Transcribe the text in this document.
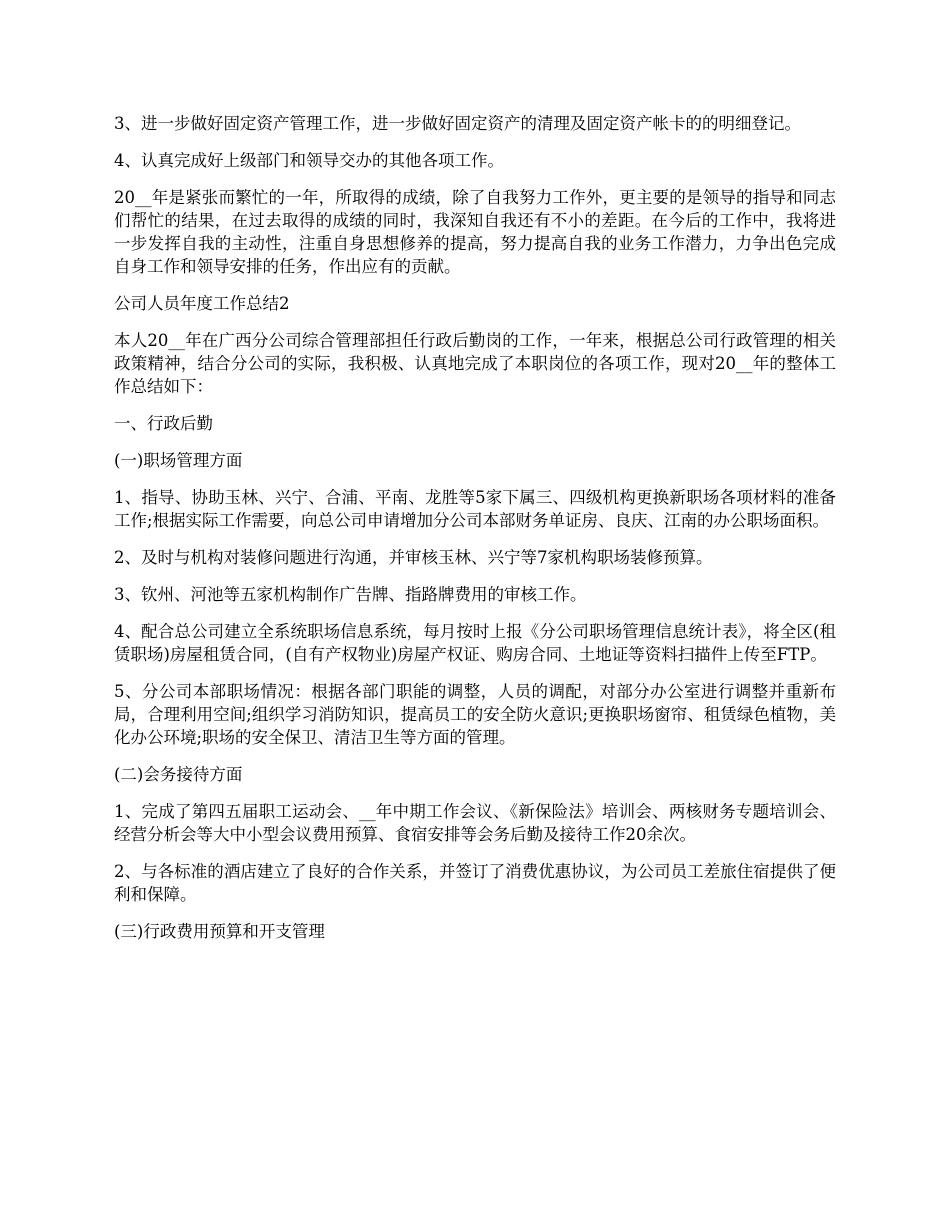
3、进一步做好固定资产管理工作，进一步做好固定资产的清理及固定资产帐卡的的明细登记。

4、认真完成好上级部门和领导交办的其他各项工作。

20__年是紧张而繁忙的一年，所取得的成绩，除了自我努力工作外，更主要的是领导的指导和同志们帮忙的结果，在过去取得的成绩的同时，我深知自我还有不小的差距。在今后的工作中，我将进一步发挥自我的主动性，注重自身思想修养的提高，努力提高自我的业务工作潜力，力争出色完成自身工作和领导安排的任务，作出应有的贡献。

公司人员年度工作总结2

本人20__年在广西分公司综合管理部担任行政后勤岗的工作，一年来，根据总公司行政管理的相关政策精神，结合分公司的实际，我积极、认真地完成了本职岗位的各项工作，现对20__年的整体工作总结如下：

一、行政后勤

(一)职场管理方面

1、指导、协助玉林、兴宁、合浦、平南、龙胜等5家下属三、四级机构更换新职场各项材料的准备工作;根据实际工作需要，向总公司申请增加分公司本部财务单证房、良庆、江南的办公职场面积。

2、及时与机构对装修问题进行沟通，并审核玉林、兴宁等7家机构职场装修预算。

3、钦州、河池等五家机构制作广告牌、指路牌费用的审核工作。

4、配合总公司建立全系统职场信息系统，每月按时上报《分公司职场管理信息统计表》，将全区(租赁职场)房屋租赁合同，(自有产权物业)房屋产权证、购房合同、土地证等资料扫描件上传至FTP。

5、分公司本部职场情况：根据各部门职能的调整，人员的调配，对部分办公室进行调整并重新布局，合理利用空间;组织学习消防知识，提高员工的安全防火意识;更换职场窗帘、租赁绿色植物，美化办公环境;职场的安全保卫、清洁卫生等方面的管理。

(二)会务接待方面

1、完成了第四五届职工运动会、__年中期工作会议、《新保险法》培训会、两核财务专题培训会、经营分析会等大中小型会议费用预算、食宿安排等会务后勤及接待工作20余次。

2、与各标准的酒店建立了良好的合作关系，并签订了消费优惠协议，为公司员工差旅住宿提供了便利和保障。

(三)行政费用预算和开支管理
